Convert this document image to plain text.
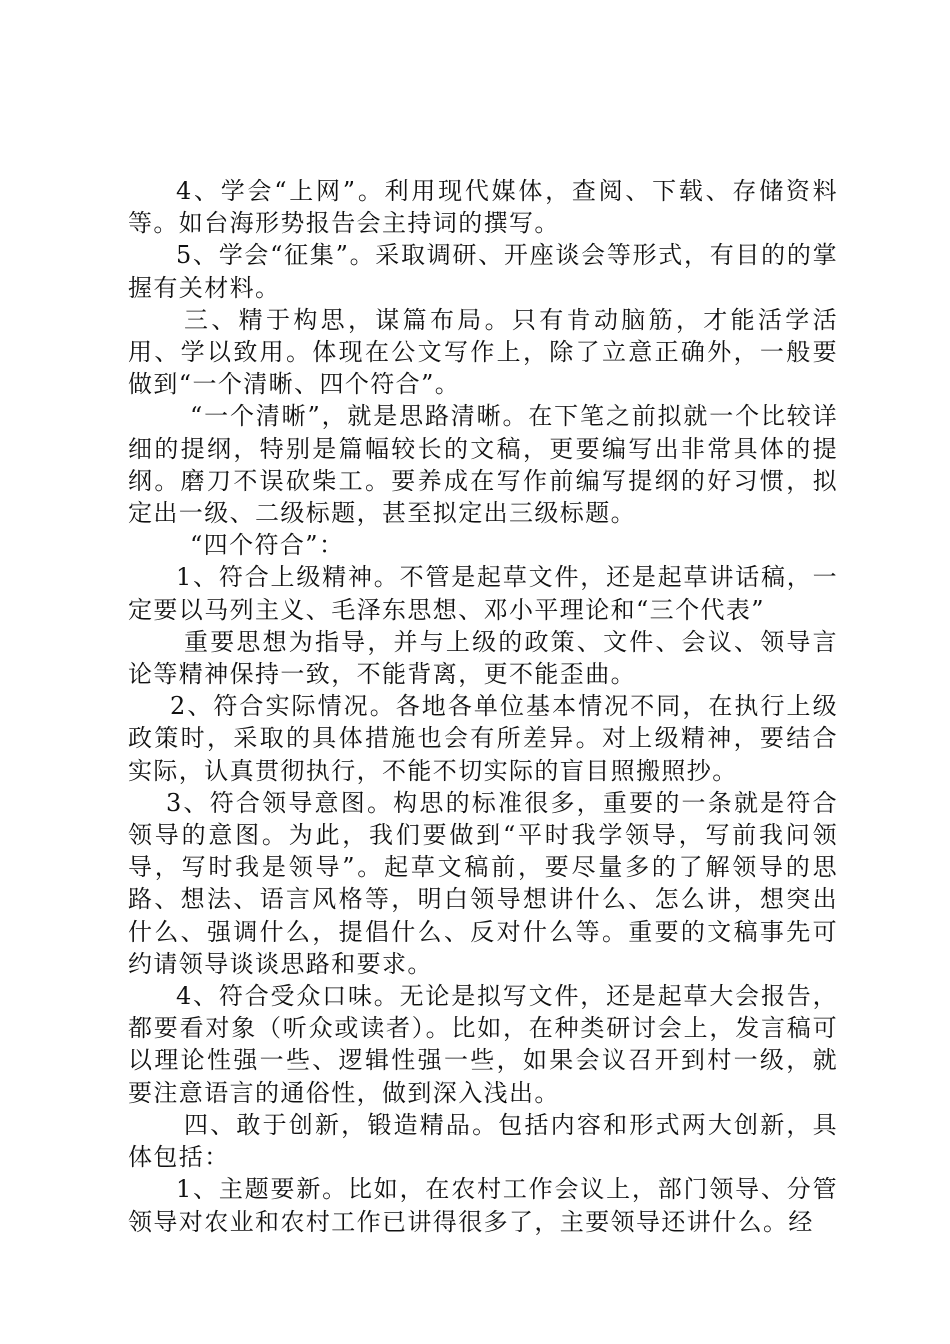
4、学会“上网”。利用现代媒体，查阅、下载、存储资料等。如台海形势报告会主持词的撰写。

5、学会“征集”。采取调研、开座谈会等形式，有目的的掌握有关材料。

三、精于构思，谋篇布局。只有肯动脑筋，才能活学活用、学以致用。体现在公文写作上，除了立意正确外，一般要做到“一个清晰、四个符合”。

“一个清晰”，就是思路清晰。在下笔之前拟就一个比较详细的提纲，特别是篇幅较长的文稿，更要编写出非常具体的提纲。磨刀不误砍柴工。要养成在写作前编写提纲的好习惯，拟定出一级、二级标题，甚至拟定出三级标题。

“四个符合”：

1、符合上级精神。不管是起草文件，还是起草讲话稿，一定要以马列主义、毛泽东思想、邓小平理论和“三个代表”

重要思想为指导，并与上级的政策、文件、会议、领导言论等精神保持一致，不能背离，更不能歪曲。

2、符合实际情况。各地各单位基本情况不同，在执行上级政策时，采取的具体措施也会有所差异。对上级精神，要结合实际，认真贯彻执行，不能不切实际的盲目照搬照抄。

3、符合领导意图。构思的标准很多，重要的一条就是符合领导的意图。为此，我们要做到“平时我学领导，写前我问领导，写时我是领导”。起草文稿前，要尽量多的了解领导的思路、想法、语言风格等，明白领导想讲什么、怎么讲，想突出什么、强调什么，提倡什么、反对什么等。重要的文稿事先可约请领导谈谈思路和要求。

4、符合受众口味。无论是拟写文件，还是起草大会报告，都要看对象（听众或读者）。比如，在种类研讨会上，发言稿可以理论性强一些、逻辑性强一些，如果会议召开到村一级，就要注意语言的通俗性，做到深入浅出。

四、敢于创新，锻造精品。包括内容和形式两大创新，具体包括：

1、主题要新。比如，在农村工作会议上，部门领导、分管领导对农业和农村工作已讲得很多了，主要领导还讲什么。经
